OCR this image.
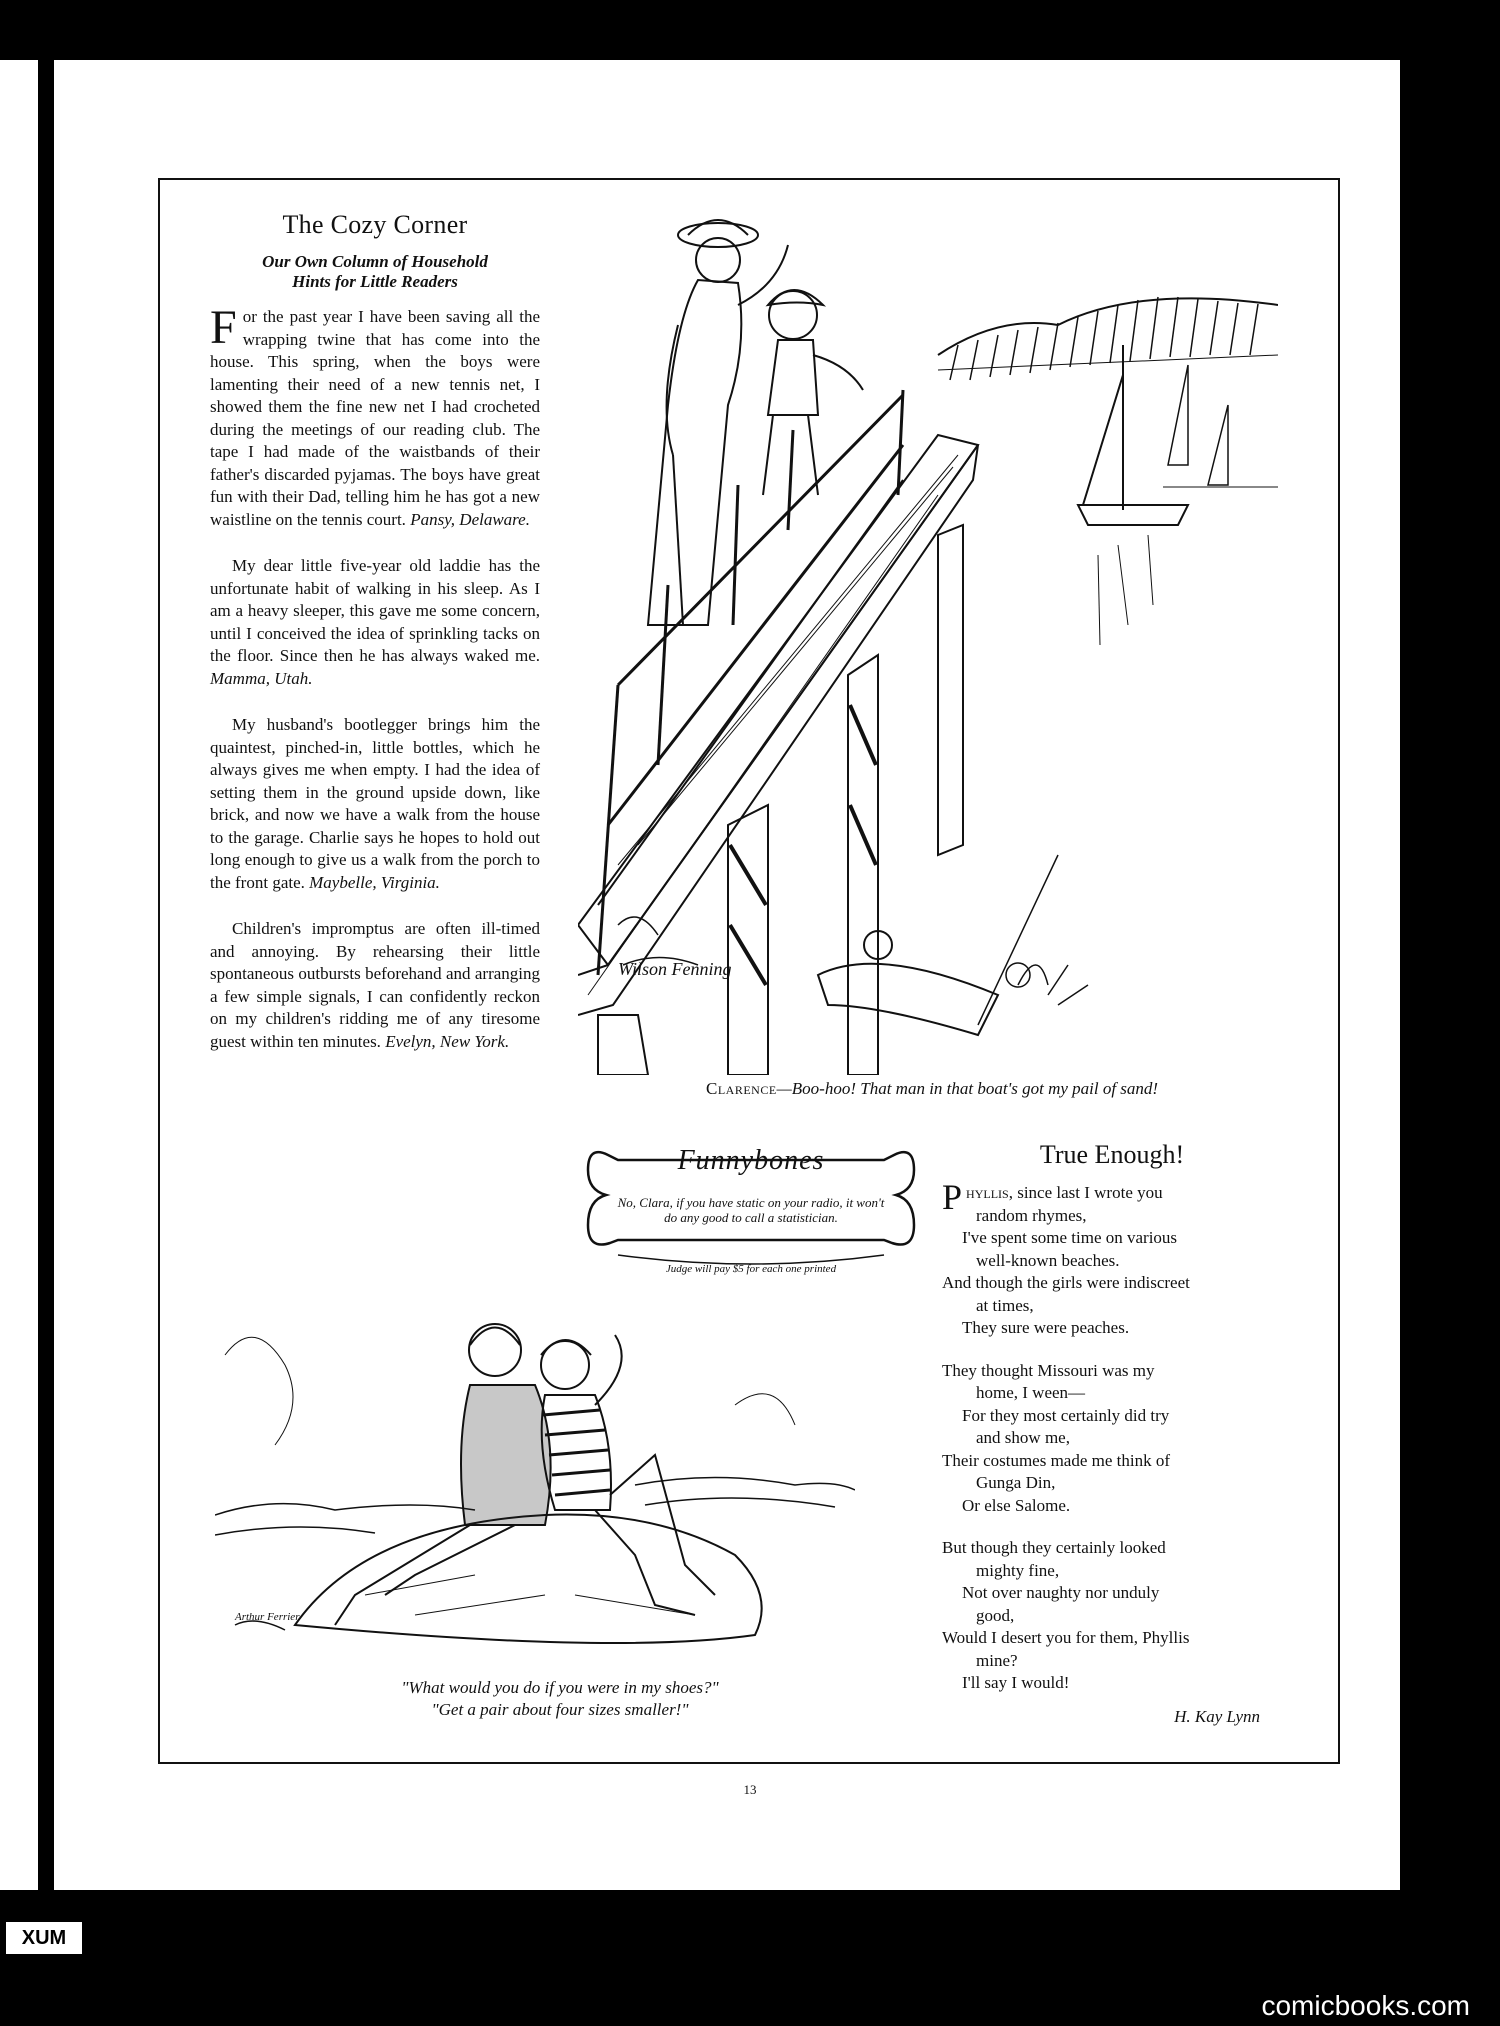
The Cozy Corner
Our Own Column of Household
Hints for Little Readers

For the past year I have been saving all the wrapping twine that has come into the house. This spring, when the boys were lamenting their need of a new tennis net, I showed them the fine new net I had crocheted during the meetings of our reading club. The tape I had made of the waistbands of their father's discarded pyjamas. The boys have great fun with their Dad, telling him he has got a new waistline on the tennis court. Pansy, Delaware.

My dear little five-year old laddie has the unfortunate habit of walking in his sleep. As I am a heavy sleeper, this gave me some concern, until I conceived the idea of sprinkling tacks on the floor. Since then he has always waked me. Mamma, Utah.

My husband's bootlegger brings him the quaintest, pinched-in, little bottles, which he always gives me when empty. I had the idea of setting them in the ground upside down, like brick, and now we have a walk from the house to the garage. Charlie says he hopes to hold out long enough to give us a walk from the porch to the front gate. Maybelle, Virginia.

Children's impromptus are often ill-timed and annoying. By rehearsing their little spontaneous outbursts beforehand and arranging a few simple signals, I can confidently reckon on my children's ridding me of any tiresome guest within ten minutes. Evelyn, New York.

Wilson Fenning
Clarence—Boo-hoo! That man in that boat's got my pail of sand!
Funnybones
No, Clara, if you have static on your radio, it won't do any good to call a statistician.
Judge will pay $5 for each one printed
True Enough!
Phyllis, since last I wrote you
random rhymes,
I've spent some time on various
well-known beaches.
And though the girls were indiscreet
at times,
They sure were peaches.
They thought Missouri was my
home, I ween—
For they most certainly did try
and show me,
Their costumes made me think of
Gunga Din,
Or else Salome.
But though they certainly looked
mighty fine,
Not over naughty nor unduly
good,
Would I desert you for them, Phyllis
mine?
I'll say I would!
H. Kay Lynn
Arthur Ferrier
"What would you do if you were in my shoes?"
"Get a pair about four sizes smaller!"
13
XUM
comicbooks.com
